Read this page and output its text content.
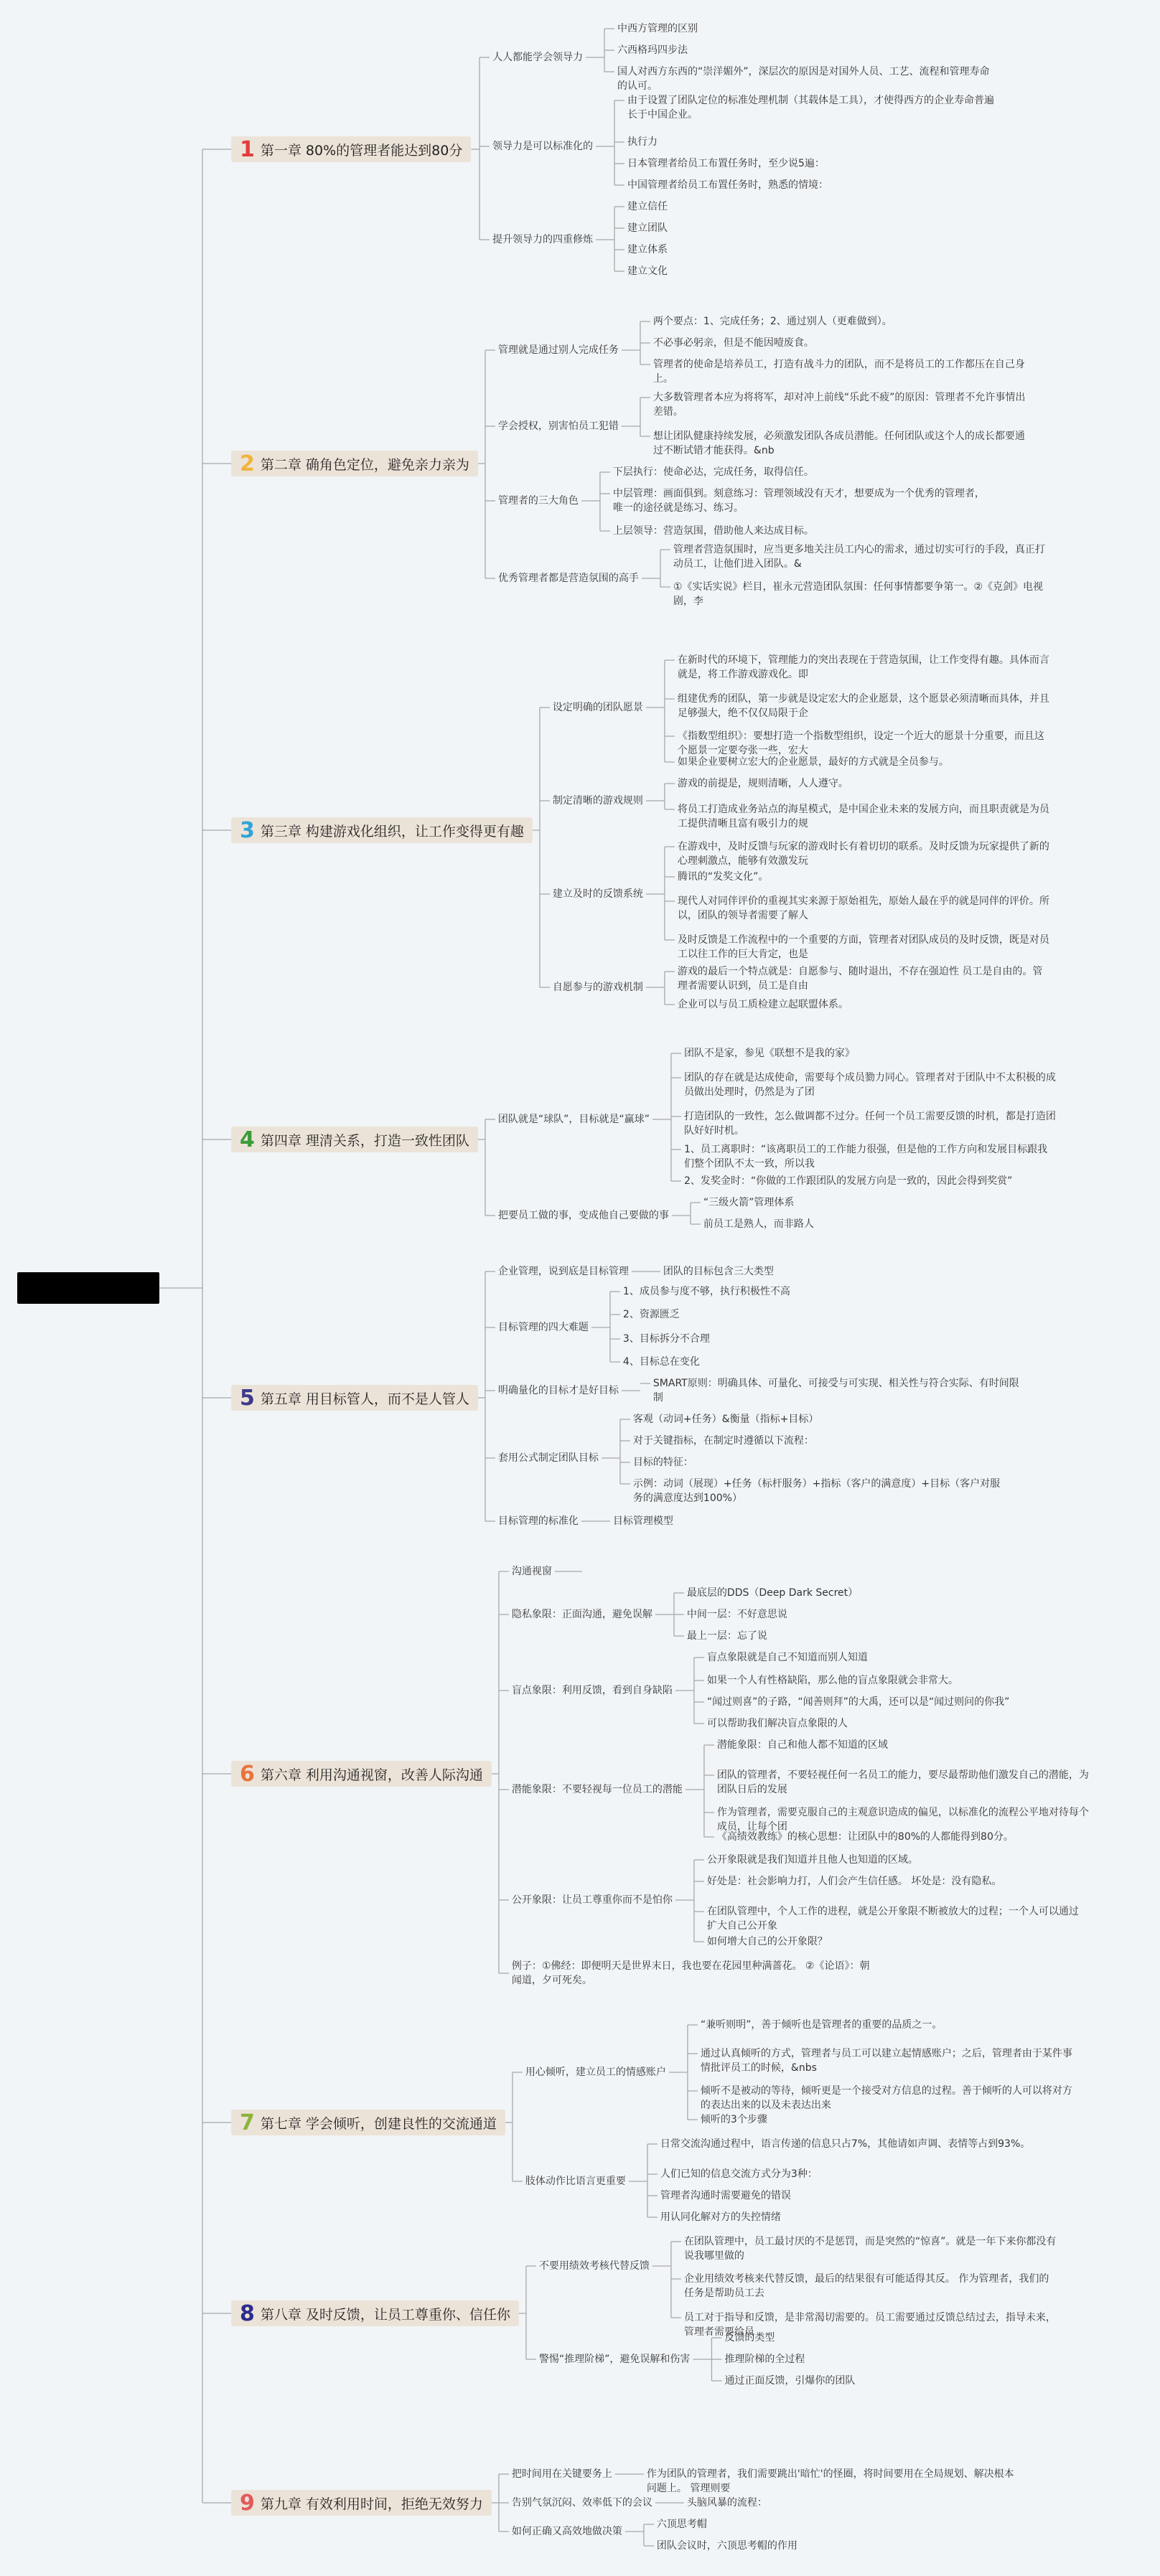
1 第一章 80%的管理者能达到80分
人人都能学会领导力
中西方管理的区别
六西格玛四步法
国人对西方东西的“崇洋媚外”，深层次的原因是对国外人员、工艺、流程和管理寿命的认可。
领导力是可以标准化的
由于设置了团队定位的标准处理机制（其载体是工具），才使得西方的企业寿命普遍长于中国企业。
执行力
日本管理者给员工布置任务时，至少说5遍：
中国管理者给员工布置任务时，熟悉的情境：
提升领导力的四重修炼
建立信任
建立团队
建立体系
建立文化
2 第二章 确角色定位，避免亲力亲为
管理就是通过别人完成任务
两个要点：1、完成任务；2、通过别人（更难做到）。
不必事必躬亲，但是不能因噎废食。
管理者的使命是培养员工，打造有战斗力的团队，而不是将员工的工作都压在自己身上。
学会授权，别害怕员工犯错
大多数管理者本应为将将军，却对冲上前线“乐此不疲”的原因：管理者不允许事情出差错。
想让团队健康持续发展，必须激发团队各成员潜能。任何团队或这个人的成长都要通过不断试错才能获得。&nb
管理者的三大角色
下层执行：使命必达，完成任务，取得信任。
中层管理：画面俱到。刻意练习：管理领域没有天才，想要成为一个优秀的管理者，唯一的途径就是练习、练习。
上层领导：营造氛围，借助他人来达成目标。
优秀管理者都是营造氛围的高手
管理者营造氛围时，应当更多地关注员工内心的需求，通过切实可行的手段，真正打动员工，让他们进入团队。&
①《实话实说》栏目，崔永元营造团队氛围：任何事情都要争第一。②《克剑》电视剧，李
3 第三章 构建游戏化组织，让工作变得更有趣
设定明确的团队愿景
在新时代的环境下，管理能力的突出表现在于营造氛围，让工作变得有趣。具体而言就是，将工作游戏游戏化。即
组建优秀的团队，第一步就是设定宏大的企业愿景，这个愿景必须清晰而具体，并且足够强大，绝不仅仅局限于企
《指数型组织》：要想打造一个指数型组织，设定一个近大的愿景十分重要，而且这个愿景一定要夸张一些，宏大
如果企业要树立宏大的企业愿景，最好的方式就是全员参与。
制定清晰的游戏规则
游戏的前提是，规则清晰，人人遵守。
将员工打造成业务站点的海星模式，是中国企业未来的发展方向，而且职责就是为员工提供清晰且富有吸引力的规
建立及时的反馈系统
在游戏中，及时反馈与玩家的游戏时长有着切切的联系。及时反馈为玩家提供了新的心理刺激点，能够有效激发玩
腾讯的“发奖文化”。
现代人对同伴评价的重视其实来源于原始祖先，原始人最在乎的就是同伴的评价。所以，团队的领导者需要了解人
及时反馈是工作流程中的一个重要的方面，管理者对团队成员的及时反馈，既是对员工以往工作的巨大肯定，也是
自愿参与的游戏机制
游戏的最后一个特点就是：自愿参与、随时退出，不存在强迫性 员工是自由的。管理者需要认识到，员工是自由
企业可以与员工质检建立起联盟体系。
4 第四章 理清关系，打造一致性团队
团队就是“球队”，目标就是“赢球”
团队不是家，参见《联想不是我的家》
团队的存在就是达成使命，需要每个成员勠力同心。管理者对于团队中不太积极的成员做出处理时，仍然是为了团
打造团队的一致性，怎么做调都不过分。任何一个员工需要反馈的时机，都是打造团队好好时机。
1、员工离职时：“该离职员工的工作能力很强，但是他的工作方向和发展目标跟我们整个团队不太一致，所以我
2、发奖金时：“你做的工作跟团队的发展方向是一致的，因此会得到奖赏”
把要员工做的事，变成他自己要做的事
“三级火箭”管理体系
前员工是熟人，而非路人
5 第五章 用目标管人，而不是人管人
企业管理，说到底是目标管理	团队的目标包含三大类型
目标管理的四大难题
1、成员参与度不够，执行积极性不高
2、资源匮乏
3、目标拆分不合理
4、目标总在变化
明确量化的目标才是好目标
SMART原则：明确具体、可量化、可接受与可实现、相关性与符合实际、有时间限制
套用公式制定团队目标
客观（动词+任务）&衡量（指标+目标）
对于关键指标，在制定时遵循以下流程：
目标的特征：
示例：动词（展现）+任务（标杆服务）+指标（客户的满意度）+目标（客户对服务的满意度达到100%）
目标管理的标准化	目标管理模型
6 第六章 利用沟通视窗，改善人际沟通
沟通视窗
隐私象限：正面沟通，避免误解
最底层的DDS（Deep Dark Secret）
中间一层：不好意思说
最上一层：忘了说
盲点象限：利用反馈，看到自身缺陷
盲点象限就是自己不知道而别人知道
如果一个人有性格缺陷，那么他的盲点象限就会非常大。
“闻过则喜”的子路，“闻善则拜”的大禹，还可以是“闻过则问的你我”
可以帮助我们解决盲点象限的人
潜能象限：不要轻视每一位员工的潜能
潜能象限：自己和他人都不知道的区域
团队的管理者，不要轻视任何一名员工的能力，要尽最帮助他们激发自己的潜能，为团队日后的发展
作为管理者，需要克服自己的主观意识造成的偏见，以标准化的流程公平地对待每个成员，让每个团
《高绩效教练》的核心思想：让团队中的80%的人都能得到80分。
公开象限：让员工尊重你而不是怕你
公开象限就是我们知道并且他人也知道的区域。
好处是：社会影响力打，人们会产生信任感。 坏处是：没有隐私。
在团队管理中，个人工作的进程，就是公开象限不断被放大的过程；一个人可以通过扩大自己公开象
如何增大自己的公开象限？
例子：①佛经：即便明天是世界末日，我也要在花园里种满蔷花。 ②《论语》：朝闻道，夕可死矣。
7 第七章 学会倾听，创建良性的交流通道
用心倾听，建立员工的情感账户
“兼听则明”，善于倾听也是管理者的重要的品质之一。
通过认真倾听的方式，管理者与员工可以建立起情感账户；之后，管理者由于某件事情批评员工的时候，&nbs
倾听不是被动的等待，倾听更是一个接受对方信息的过程。善于倾听的人可以将对方的表达出来的以及未表达出来
倾听的3个步骤
肢体动作比语言更重要
日常交流沟通过程中，语言传递的信息只占7%，其他请如声调、表情等占到93%。
人们已知的信息交流方式分为3种：
管理者沟通时需要避免的错误
用认同化解对方的失控情绪
8 第八章 及时反馈，让员工尊重你、信任你
不要用绩效考核代替反馈
在团队管理中，员工最讨厌的不是惩罚，而是突然的“惊喜”。就是一年下来你都没有说我哪里做的
企业用绩效考核来代替反馈，最后的结果很有可能适得其反。 作为管理者，我们的任务是帮助员工去
员工对于指导和反馈，是非常渴切需要的。员工需要通过反馈总结过去，指导未来，管理者需要给员
警惕“推理阶梯”，避免误解和伤害
反馈的类型
推理阶梯的全过程
通过正面反馈，引爆你的团队
9 第九章 有效利用时间，拒绝无效努力
把时间用在关键要务上	作为团队的管理者，我们需要跳出'暗忙'的怪圈，将时间要用在全局规划、解决根本问题上。 管理则要
告别气氛沉闷、效率低下的会议	头脑风暴的流程：
如何正确又高效地做决策
六顶思考帽
团队会议时，六顶思考帽的作用
